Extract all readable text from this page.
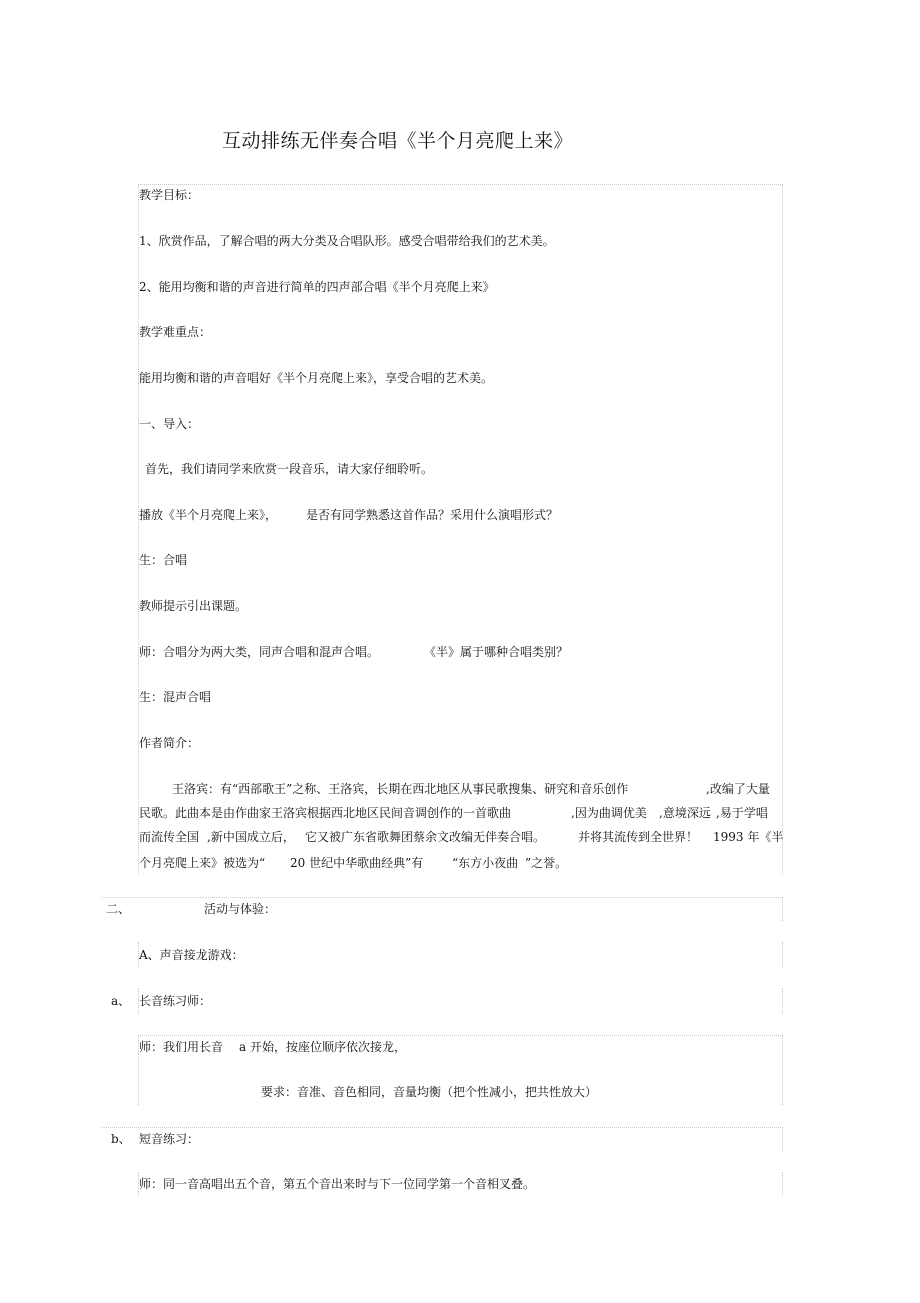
互动排练无伴奏合唱《半个月亮爬上来》
教学目标：
1、欣赏作品，了解合唱的两大分类及合唱队形。感受合唱带给我们的艺术美。
2、能用均衡和谐的声音进行简单的四声部合唱《半个月亮爬上来》
教学难重点：
能用均衡和谐的声音唱好《半个月亮爬上来》，享受合唱的艺术美。
一、导入：
首先，我们请同学来欣赏一段音乐，请大家仔细聆听。
播放《半个月亮爬上来》， 是否有同学熟悉这首作品？采用什么演唱形式？
生：合唱
教师提示引出课题。
师：合唱分为两大类，同声合唱和混声合唱。	《半》属于哪种合唱类别？
生：混声合唱
作者简介：
王洛宾：有“西部歌王”之称、王洛宾，长期在西北地区从事民歌搜集、研究和音乐创作	,改编了大量
民歌。此曲本是由作曲家王洛宾根据西北地区民间音调创作的一首歌曲	,因为曲调优美 ,意境深远 ,易于学唱
而流传全国 ,新中国成立后， 它又被广东省歌舞团蔡余文改编无伴奏合唱。	并将其流传到全世界！ 1993 年《半
个月亮爬上来》被选为“ 20 世纪中华歌曲经典”有 “东方小夜曲 ”之誉。
二、	活动与体验：
A、声音接龙游戏：
a、 长音练习师：
师：我们用长音 a 开始，按座位顺序依次接龙，
要求：音准、音色相同，音量均衡（把个性减小，把共性放大）
b、 短音练习：
师：同一音高唱出五个音，第五个音出来时与下一位同学第一个音相叉叠。
